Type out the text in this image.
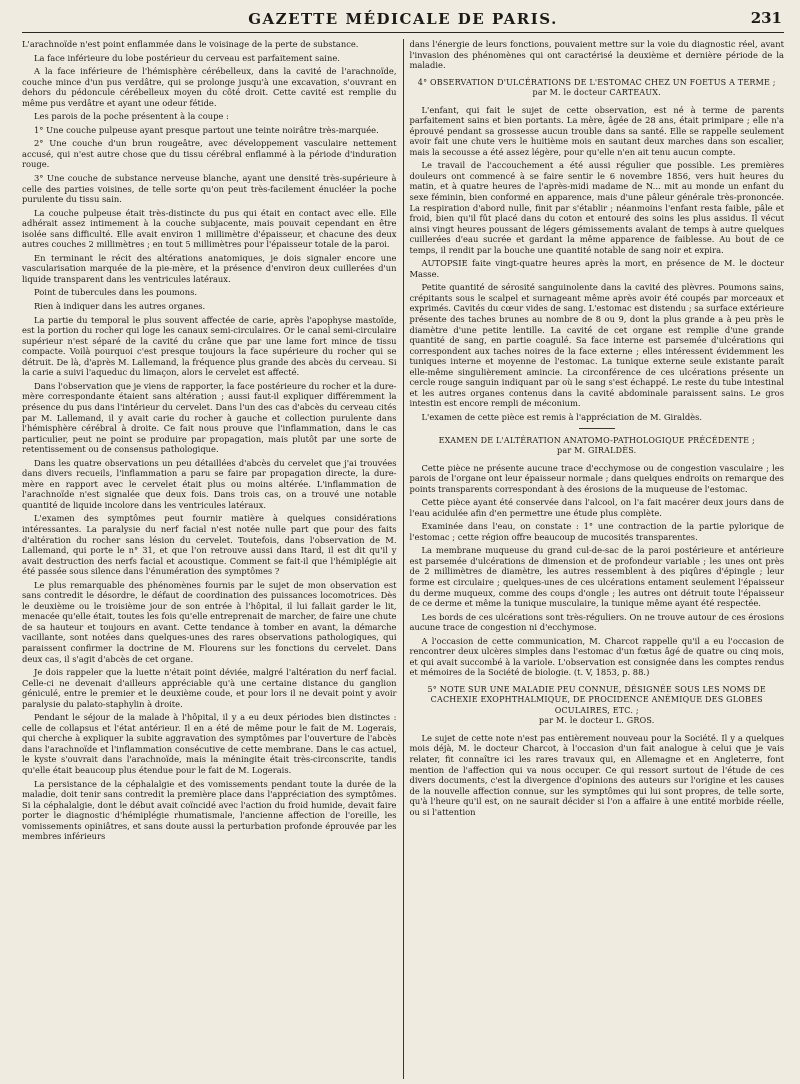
GAZETTE MÉDICALE DE PARIS.	231

L'arachnoïde n'est point enflammée dans le voisinage de la perte de substance.

La face inférieure du lobe postérieur du cerveau est parfaitement saine.

A la face inférieure de l'hémisphère cérébelleux, dans la cavité de l'arachnoïde, couche mince d'un pus verdâtre, qui se prolonge jusqu'à une excavation, s'ouvrant en dehors du pédoncule cérébelleux moyen du côté droit. Cette cavité est remplie du même pus verdâtre et ayant une odeur fétide.

Les parois de la poche présentent à la coupe :

1° Une couche pulpeuse ayant presque partout une teinte noirâtre très-marquée.

2° Une couche d'un brun rougeâtre, avec développement vasculaire nettement accusé, qui n'est autre chose que du tissu cérébral enflammé à la période d'induration rouge.

3° Une couche de substance nerveuse blanche, ayant une densité très-supérieure à celle des parties voisines, de telle sorte qu'on peut très-facilement énucléer la poche purulente du tissu sain.

La couche pulpeuse était très-distincte du pus qui était en contact avec elle. Elle adhérait assez intimement à la couche subjacente, mais pouvait cependant en être isolée sans difficulté. Elle avait environ 1 millimètre d'épaisseur, et chacune des deux autres couches 2 millimètres ; en tout 5 millimètres pour l'épaisseur totale de la paroi.

En terminant le récit des altérations anatomiques, je dois signaler encore une vascularisation marquée de la pie-mère, et la présence d'environ deux cuillerées d'un liquide transparent dans les ventricules latéraux.

Point de tubercules dans les poumons.

Rien à indiquer dans les autres organes.

La partie du temporal le plus souvent affectée de carie, après l'apophyse mastoïde, est la portion du rocher qui loge les canaux semi-circulaires. Or le canal semi-circulaire supérieur n'est séparé de la cavité du crâne que par une lame fort mince de tissu compacte. Voilà pourquoi c'est presque toujours la face supérieure du rocher qui se détruit. De là, d'après M. Lallemand, la fréquence plus grande des abcès du cerveau. Si la carie a suivi l'aqueduc du limaçon, alors le cervelet est affecté.

Dans l'observation que je viens de rapporter, la face postérieure du rocher et la dure-mère correspondante étaient sans altération ; aussi faut-il expliquer différemment la présence du pus dans l'intérieur du cervelet. Dans l'un des cas d'abcès du cerveau cités par M. Lallemand, il y avait carie du rocher à gauche et collection purulente dans l'hémisphère cérébral à droite. Ce fait nous prouve que l'inflammation, dans le cas particulier, peut ne point se produire par propagation, mais plutôt par une sorte de retentissement ou de consensus pathologique.

Dans les quatre observations un peu détaillées d'abcès du cervelet que j'ai trouvées dans divers recueils, l'inflammation a paru se faire par propagation directe, la dure-mère en rapport avec le cervelet était plus ou moins altérée. L'inflammation de l'arachnoïde n'est signalée que deux fois. Dans trois cas, on a trouvé une notable quantité de liquide incolore dans les ventricules latéraux.

L'examen des symptômes peut fournir matière à quelques considérations intéressantes. La paralysie du nerf facial n'est notée nulle part que pour des faits d'altération du rocher sans lésion du cervelet. Toutefois, dans l'observation de M. Lallemand, qui porte le n° 31, et que l'on retrouve aussi dans Itard, il est dit qu'il y avait destruction des nerfs facial et acoustique. Comment se fait-il que l'hémiplégie ait été passée sous silence dans l'énumération des symptômes ?

Le plus remarquable des phénomènes fournis par le sujet de mon observation est sans contredit le désordre, le défaut de coordination des puissances locomotrices. Dès le deuxième ou le troisième jour de son entrée à l'hôpital, il lui fallait garder le lit, menacée qu'elle était, toutes les fois qu'elle entreprenait de marcher, de faire une chute de sa hauteur et toujours en avant. Cette tendance à tomber en avant, la démarche vacillante, sont notées dans quelques-unes des rares observations pathologiques, qui paraissent confirmer la doctrine de M. Flourens sur les fonctions du cervelet. Dans deux cas, il s'agit d'abcès de cet organe.

Je dois rappeler que la luette n'était point déviée, malgré l'altération du nerf facial. Celle-ci ne devenait d'ailleurs appréciable qu'à une certaine distance du ganglion géniculé, entre le premier et le deuxième coude, et pour lors il ne devait point y avoir paralysie du palato-staphylin à droite.

Pendant le séjour de la malade à l'hôpital, il y a eu deux périodes bien distinctes : celle de collapsus et l'état antérieur. Il en a été de même pour le fait de M. Logerais, qui cherche à expliquer la subite aggravation des symptômes par l'ouverture de l'abcès dans l'arachnoïde et l'inflammation consécutive de cette membrane. Dans le cas actuel, le kyste s'ouvrait dans l'arachnoïde, mais la méningite était très-circonscrite, tandis qu'elle était beaucoup plus étendue pour le fait de M. Logerais.

La persistance de la céphalalgie et des vomissements pendant toute la durée de la maladie, doit tenir sans contredit la première place dans l'appréciation des symptômes. Si la céphalalgie, dont le début avait coïncidé avec l'action du froid humide, devait faire porter le diagnostic d'hémiplégie rhumatismale, l'ancienne affection de l'oreille, les vomissements opiniâtres, et sans doute aussi la perturbation profonde éprouvée par les membres inférieurs

dans l'énergie de leurs fonctions, pouvaient mettre sur la voie du diagnostic réel, avant l'invasion des phénomènes qui ont caractérisé la deuxième et dernière période de la maladie.

4° OBSERVATION D'ULCÉRATIONS DE L'ESTOMAC CHEZ UN FOETUS A TERME ;
par M. le docteur CARTEAUX.

L'enfant, qui fait le sujet de cette observation, est né à terme de parents parfaitement sains et bien portants. La mère, âgée de 28 ans, était primipare ; elle n'a éprouvé pendant sa grossesse aucun trouble dans sa santé. Elle se rappelle seulement avoir fait une chute vers le huitième mois en sautant deux marches dans son escalier, mais la secousse a été assez légère, pour qu'elle n'en ait tenu aucun compte.

Le travail de l'accouchement a été aussi régulier que possible. Les premières douleurs ont commencé à se faire sentir le 6 novembre 1856, vers huit heures du matin, et à quatre heures de l'après-midi madame de N... mit au monde un enfant du sexe féminin, bien conformé en apparence, mais d'une pâleur générale très-prononcée. La respiration d'abord nulle, finit par s'établir ; néanmoins l'enfant resta faible, pâle et froid, bien qu'il fût placé dans du coton et entouré des soins les plus assidus. Il vécut ainsi vingt heures poussant de légers gémissements avalant de temps à autre quelques cuillerées d'eau sucrée et gardant la même apparence de faiblesse. Au bout de ce temps, il rendit par la bouche une quantité notable de sang noir et expira.

AUTOPSIE faite vingt-quatre heures après la mort, en présence de M. le docteur Masse.

Petite quantité de sérosité sanguinolente dans la cavité des plèvres. Poumons sains, crépitants sous le scalpel et surnageant même après avoir été coupés par morceaux et exprimés. Cavités du cœur vides de sang. L'estomac est distendu ; sa surface extérieure présente des taches brunes au nombre de 8 ou 9, dont la plus grande a à peu près le diamètre d'une petite lentille. La cavité de cet organe est remplie d'une grande quantité de sang, en partie coagulé. Sa face interne est parsemée d'ulcérations qui correspondent aux taches noires de la face externe ; elles intéressent évidemment les tuniques interne et moyenne de l'estomac. La tunique externe seule existante paraît elle-même singulièrement amincie. La circonférence de ces ulcérations présente un cercle rouge sanguin indiquant par où le sang s'est échappé. Le reste du tube intestinal et les autres organes contenus dans la cavité abdominale paraissent sains. Le gros intestin est encore rempli de méconium.

L'examen de cette pièce est remis à l'appréciation de M. Giraldès.

EXAMEN DE L'ALTÉRATION ANATOMO-PATHOLOGIQUE PRÉCÉDENTE ;
par M. GIRALDÈS.

Cette pièce ne présente aucune trace d'ecchymose ou de congestion vasculaire ; les parois de l'organe ont leur épaisseur normale ; dans quelques endroits on remarque des points transparents correspondant à des érosions de la muqueuse de l'estomac.

Cette pièce ayant été conservée dans l'alcool, on l'a fait macérer deux jours dans de l'eau acidulée afin d'en permettre une étude plus complète.

Examinée dans l'eau, on constate : 1° une contraction de la partie pylorique de l'estomac ; cette région offre beaucoup de mucosités transparentes.

La membrane muqueuse du grand cul-de-sac de la paroi postérieure et antérieure est parsemée d'ulcérations de dimension et de profondeur variable ; les unes ont près de 2 millimètres de diamètre, les autres ressemblent à des piqûres d'épingle ; leur forme est circulaire ; quelques-unes de ces ulcérations entament seulement l'épaisseur du derme muqueux, comme des coups d'ongle ; les autres ont détruit toute l'épaisseur de ce derme et même la tunique musculaire, la tunique même ayant été respectée.

Les bords de ces ulcérations sont très-réguliers. On ne trouve autour de ces érosions aucune trace de congestion ni d'ecchymose.

A l'occasion de cette communication, M. Charcot rappelle qu'il a eu l'occasion de rencontrer deux ulcères simples dans l'estomac d'un fœtus âgé de quatre ou cinq mois, et qui avait succombé à la variole. L'observation est consignée dans les comptes rendus et mémoires de la Société de biologie. (t. V, 1853, p. 88.)

5° NOTE SUR UNE MALADIE PEU CONNUE, DÉSIGNÉE SOUS LES NOMS DE CACHEXIE EXOPHTHALMIQUE, DE PROCIDENCE ANÉMIQUE DES GLOBES OCULAIRES, ETC. ;
par M. le docteur L. GROS.

Le sujet de cette note n'est pas entièrement nouveau pour la Société. Il y a quelques mois déjà, M. le docteur Charcot, à l'occasion d'un fait analogue à celui que je vais relater, fit connaître ici les rares travaux qui, en Allemagne et en Angleterre, font mention de l'affection qui va nous occuper. Ce qui ressort surtout de l'étude de ces divers documents, c'est la divergence d'opinions des auteurs sur l'origine et les causes de la nouvelle affection connue, sur les symptômes qui lui sont propres, de telle sorte, qu'à l'heure qu'il est, on ne saurait décider si l'on a affaire à une entité morbide réelle, ou si l'attention
